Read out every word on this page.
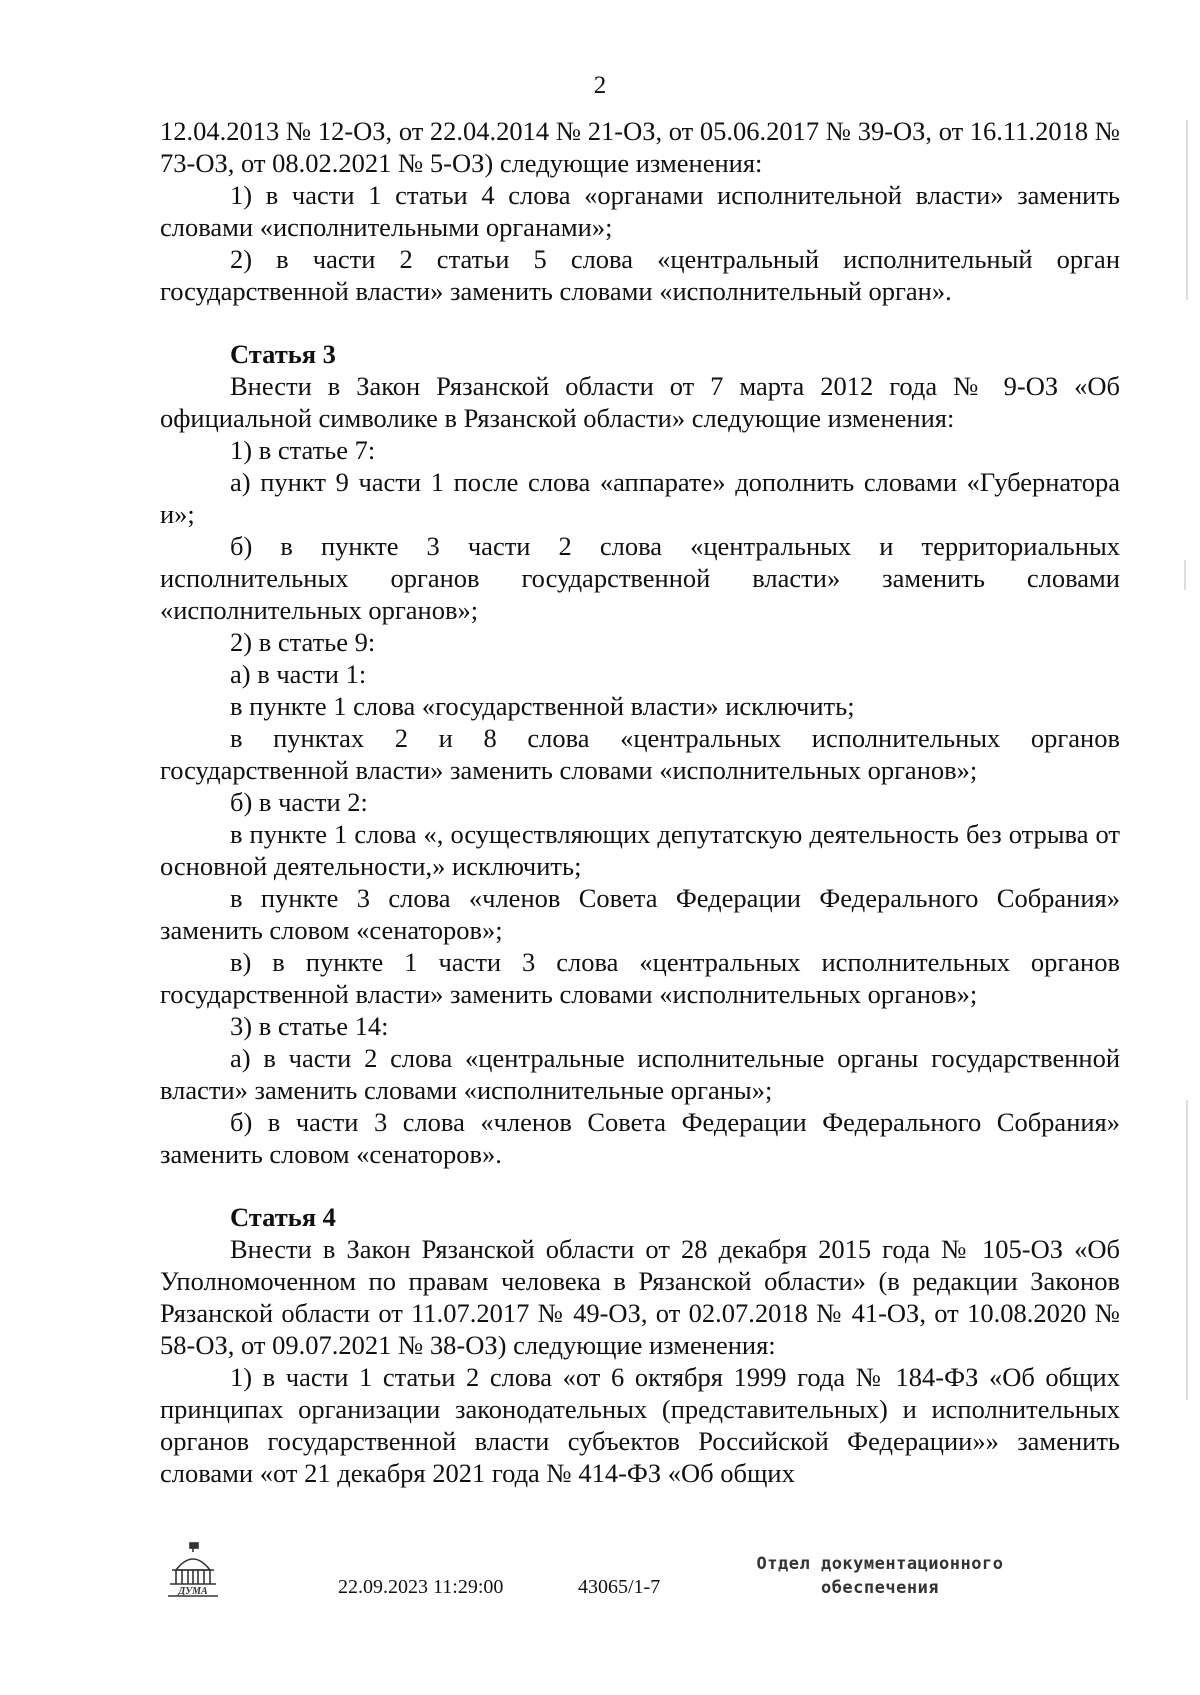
2

12.04.2013 № 12-ОЗ, от 22.04.2014 № 21-ОЗ, от 05.06.2017 № 39-ОЗ, от 16.11.2018 № 73-ОЗ, от 08.02.2021 № 5-ОЗ) следующие изменения:

1) в части 1 статьи 4 слова «органами исполнительной власти» заменить словами «исполнительными органами»;

2) в части 2 статьи 5 слова «центральный исполнительный орган государственной власти» заменить словами «исполнительный орган».

Статья 3

Внести в Закон Рязанской области от 7 марта 2012 года № 9-ОЗ «Об официальной символике в Рязанской области» следующие изменения:

1) в статье 7:

а) пункт 9 части 1 после слова «аппарате» дополнить словами «Губернатора и»;

б) в пункте 3 части 2 слова «центральных и территориальных исполнительных органов государственной власти» заменить словами «исполнительных органов»;

2) в статье 9:

а) в части 1:

в пункте 1 слова «государственной власти» исключить;

в пунктах 2 и 8 слова «центральных исполнительных органов государственной власти» заменить словами «исполнительных органов»;

б) в части 2:

в пункте 1 слова «, осуществляющих депутатскую деятельность без отрыва от основной деятельности,» исключить;

в пункте 3 слова «членов Совета Федерации Федерального Собрания» заменить словом «сенаторов»;

в) в пункте 1 части 3 слова «центральных исполнительных органов государственной власти» заменить словами «исполнительных органов»;

3) в статье 14:

а) в части 2 слова «центральные исполнительные органы государственной власти» заменить словами «исполнительные органы»;

б) в части 3 слова «членов Совета Федерации Федерального Собрания» заменить словом «сенаторов».

Статья 4

Внести в Закон Рязанской области от 28 декабря 2015 года № 105-ОЗ «Об Уполномоченном по правам человека в Рязанской области» (в редакции Законов Рязанской области от 11.07.2017 № 49-ОЗ, от 02.07.2018 № 41-ОЗ, от 10.08.2020 № 58-ОЗ, от 09.07.2021 № 38-ОЗ) следующие изменения:

1) в части 1 статьи 2 слова «от 6 октября 1999 года № 184-ФЗ «Об общих принципах организации законодательных (представительных) и исполнительных органов государственной власти субъектов Российской Федерации»» заменить словами «от 21 декабря 2021 года № 414-ФЗ «Об общих

ДУМА	22.09.2023 11:29:00	43065/1-7
Отдел документационного
обеспечения
